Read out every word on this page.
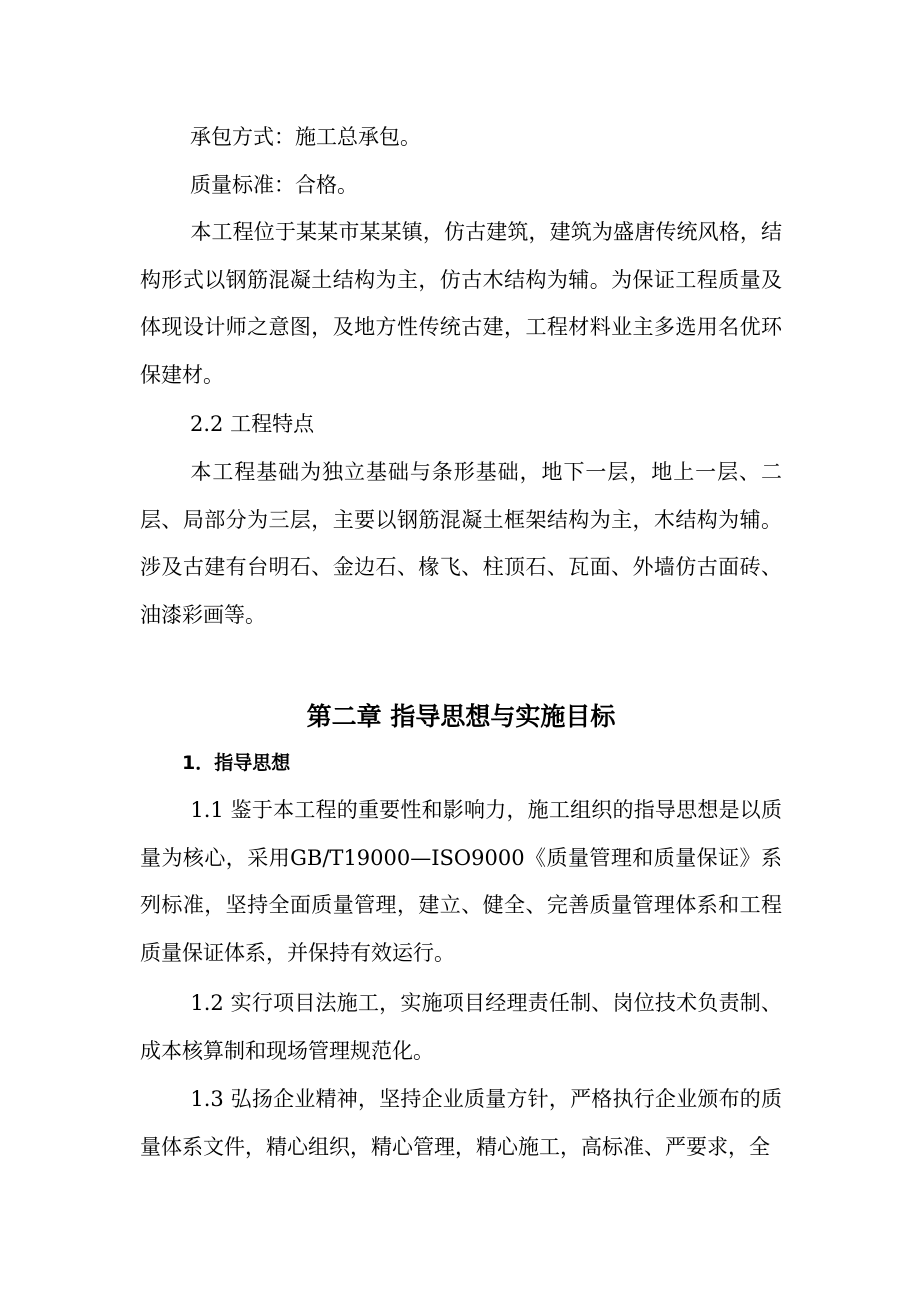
承包方式：施工总承包。

质量标准：合格。

本工程位于某某市某某镇，仿古建筑，建筑为盛唐传统风格，结构形式以钢筋混凝土结构为主，仿古木结构为辅。为保证工程质量及体现设计师之意图，及地方性传统古建，工程材料业主多选用名优环保建材。

2.2 工程特点

本工程基础为独立基础与条形基础，地下一层，地上一层、二层、局部分为三层，主要以钢筋混凝土框架结构为主，木结构为辅。涉及古建有台明石、金边石、椽飞、柱顶石、瓦面、外墙仿古面砖、油漆彩画等。

第二章 指导思想与实施目标
1．指导思想

1.1 鉴于本工程的重要性和影响力，施工组织的指导思想是以质量为核心，采用GB/T19000—ISO9000《质量管理和质量保证》系列标准，坚持全面质量管理，建立、健全、完善质量管理体系和工程质量保证体系，并保持有效运行。

1.2 实行项目法施工，实施项目经理责任制、岗位技术负责制、成本核算制和现场管理规范化。

1.3 弘扬企业精神，坚持企业质量方针，严格执行企业颁布的质量体系文件，精心组织，精心管理，精心施工，高标准、严要求，全
